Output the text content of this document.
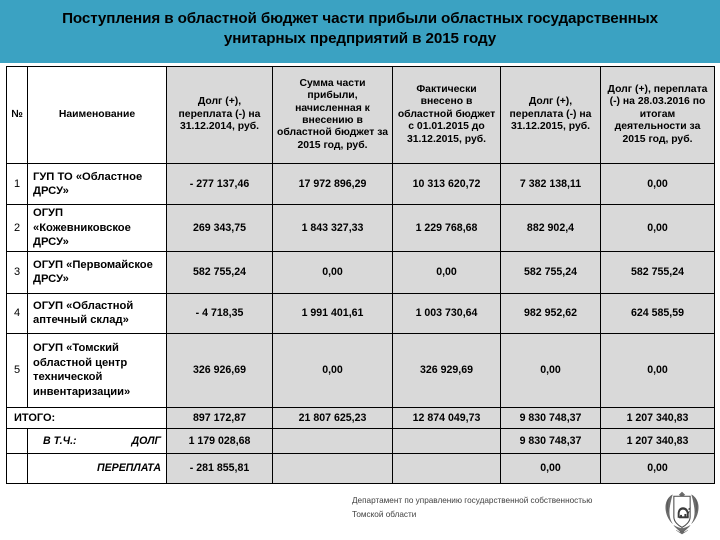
Поступления в областной бюджет части прибыли областных государственных
унитарных предприятий в 2015 году
№	Наименование	Долг (+), переплата (-) на 31.12.2014, руб.	Сумма части прибыли, начисленная к внесению в областной бюджет за 2015 год, руб.	Фактически внесено в областной бюджет с 01.01.2015 до 31.12.2015, руб.	Долг (+), переплата (-) на 31.12.2015, руб.	Долг (+), переплата (-) на 28.03.2016 по итогам деятельности за 2015 год, руб.
1	ГУП ТО «Областное ДРСУ»	- 277 137,46	17 972 896,29	10 313 620,72	7 382 138,11	0,00
2	ОГУП «Кожевниковское ДРСУ»	269 343,75	1 843 327,33	1 229 768,68	882 902,4	0,00
3	ОГУП «Первомайское ДРСУ»	582 755,24	0,00	0,00	582 755,24	582 755,24
4	ОГУП «Областной аптечный склад»	- 4 718,35	1 991 401,61	1 003 730,64	982 952,62	624 585,59
5	ОГУП «Томский областной центр технической инвентаризации»	326 926,69	0,00	326 929,69	0,00	0,00
ИТОГО:		897 172,87	21 807 625,23	12 874 049,73	9 830 748,37	1 207 340,83

	В Т.Ч.: ДОЛГ	1 179 028,68			9 830 748,37	1 207 340,83
	ПЕРЕПЛАТА	- 281 855,81			0,00	0,00
Департамент по управлению государственной собственностью
Томской области
